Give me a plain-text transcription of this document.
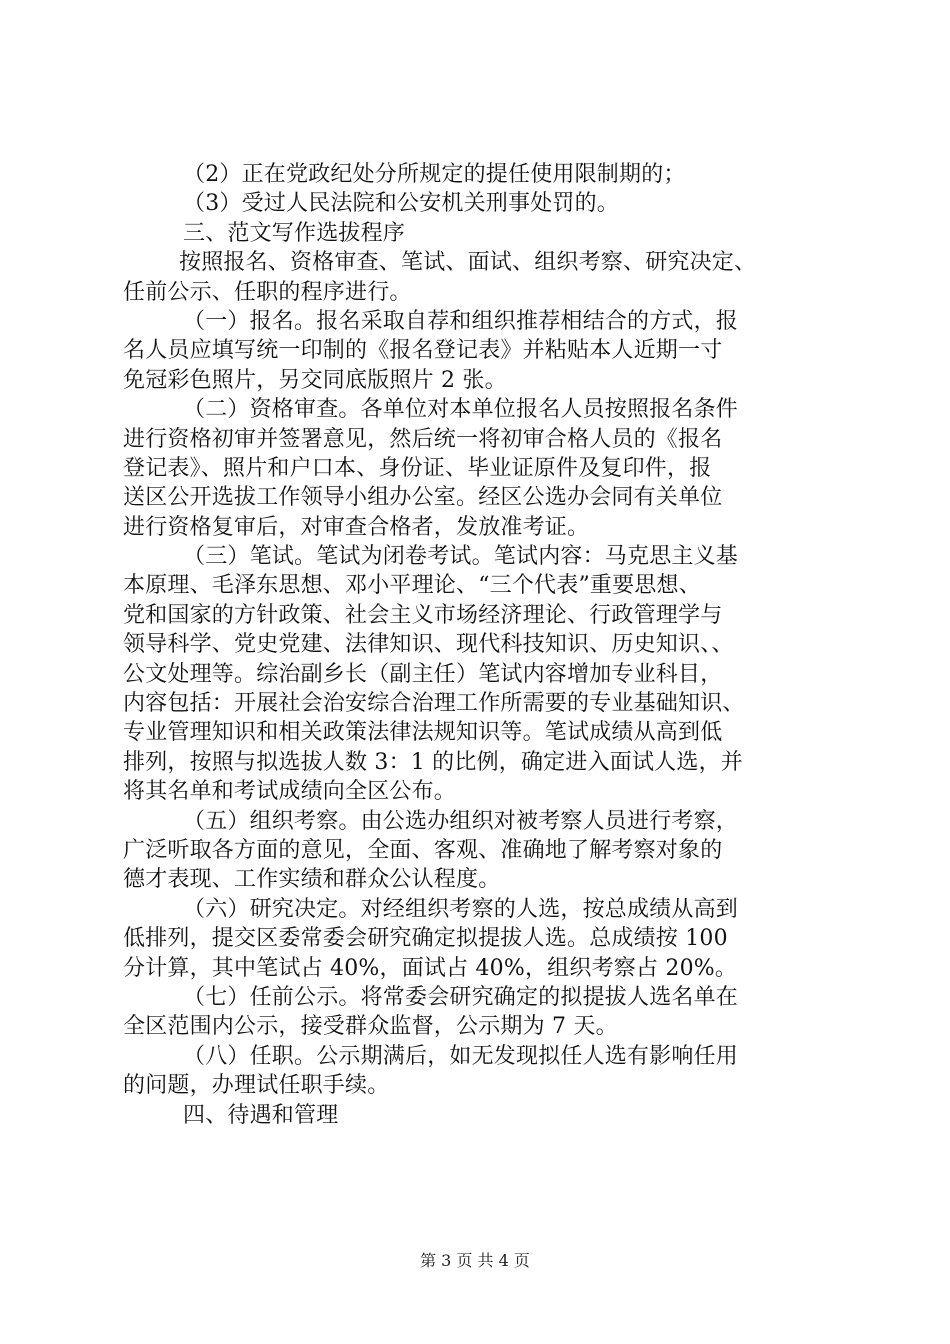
（2）正在党政纪处分所规定的提任使用限制期的；
（3）受过人民法院和公安机关刑事处罚的。
三、范文写作选拔程序
按照报名、资格审查、笔试、面试、组织考察、研究决定、
任前公示、任职的程序进行。
（一）报名。报名采取自荐和组织推荐相结合的方式，报
名人员应填写统一印制的《报名登记表》并粘贴本人近期一寸
免冠彩色照片，另交同底版照片 2 张。
（二）资格审查。各单位对本单位报名人员按照报名条件
进行资格初审并签署意见，然后统一将初审合格人员的《报名
登记表》、照片和户口本、身份证、毕业证原件及复印件，报
送区公开选拔工作领导小组办公室。经区公选办会同有关单位
进行资格复审后，对审查合格者，发放准考证。
（三）笔试。笔试为闭卷考试。笔试内容：马克思主义基
本原理、毛泽东思想、邓小平理论、“三个代表”重要思想、
党和国家的方针政策、社会主义市场经济理论、行政管理学与
领导科学、党史党建、法律知识、现代科技知识、历史知识、、
公文处理等。综治副乡长（副主任）笔试内容增加专业科目，
内容包括：开展社会治安综合治理工作所需要的专业基础知识、
专业管理知识和相关政策法律法规知识等。笔试成绩从高到低
排列，按照与拟选拔人数 3：1 的比例，确定进入面试人选，并
将其名单和考试成绩向全区公布。
（五）组织考察。由公选办组织对被考察人员进行考察，
广泛听取各方面的意见，全面、客观、准确地了解考察对象的
德才表现、工作实绩和群众公认程度。
（六）研究决定。对经组织考察的人选，按总成绩从高到
低排列，提交区委常委会研究确定拟提拔人选。总成绩按 100
分计算，其中笔试占 40%，面试占 40%，组织考察占 20%。
（七）任前公示。将常委会研究确定的拟提拔人选名单在
全区范围内公示，接受群众监督，公示期为 7 天。
（八）任职。公示期满后，如无发现拟任人选有影响任用
的问题，办理试任职手续。
四、待遇和管理
第 3 页 共 4 页
